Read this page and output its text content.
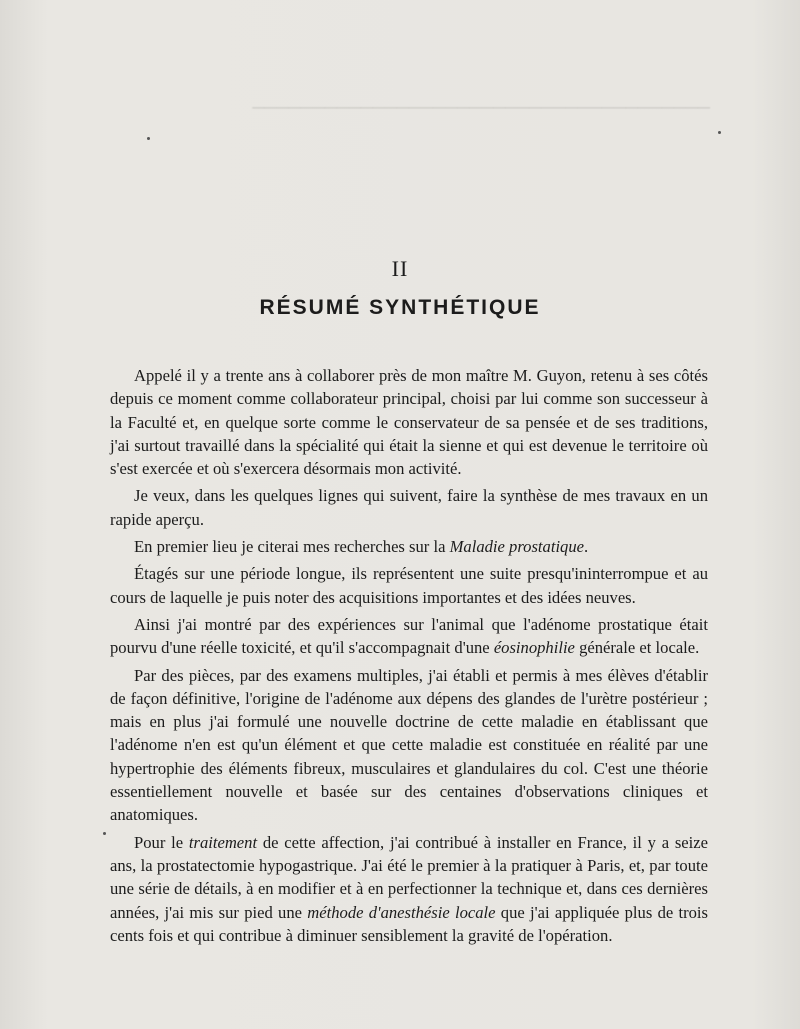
​──────────────────────────────────────

II
RÉSUMÉ SYNTHÉTIQUE

Appelé il y a trente ans à collaborer près de mon maître M. Guyon, retenu à ses côtés depuis ce moment comme collaborateur principal, choisi par lui comme son successeur à la Faculté et, en quelque sorte comme le conservateur de sa pensée et de ses traditions, j'ai surtout travaillé dans la spécialité qui était la sienne et qui est devenue le territoire où s'est exercée et où s'exercera désormais mon activité.

Je veux, dans les quelques lignes qui suivent, faire la synthèse de mes travaux en un rapide aperçu.

En premier lieu je citerai mes recherches sur la Maladie prostatique.

Étagés sur une période longue, ils représentent une suite presqu'ininterrompue et au cours de laquelle je puis noter des acquisitions importantes et des idées neuves.

Ainsi j'ai montré par des expériences sur l'animal que l'adénome prostatique était pourvu d'une réelle toxicité, et qu'il s'accompagnait d'une éosinophilie générale et locale.

Par des pièces, par des examens multiples, j'ai établi et permis à mes élèves d'établir de façon définitive, l'origine de l'adénome aux dépens des glandes de l'urètre postérieur ; mais en plus j'ai formulé une nouvelle doctrine de cette maladie en établissant que l'adénome n'en est qu'un élément et que cette maladie est constituée en réalité par une hypertrophie des éléments fibreux, musculaires et glandulaires du col. C'est une théorie essentiellement nouvelle et basée sur des centaines d'observations cliniques et anatomiques.

Pour le traitement de cette affection, j'ai contribué à installer en France, il y a seize ans, la prostatectomie hypogastrique. J'ai été le premier à la pratiquer à Paris, et, par toute une série de détails, à en modifier et à en perfectionner la technique et, dans ces dernières années, j'ai mis sur pied une méthode d'anesthésie locale que j'ai appliquée plus de trois cents fois et qui contribue à diminuer sensiblement la gravité de l'opération.
